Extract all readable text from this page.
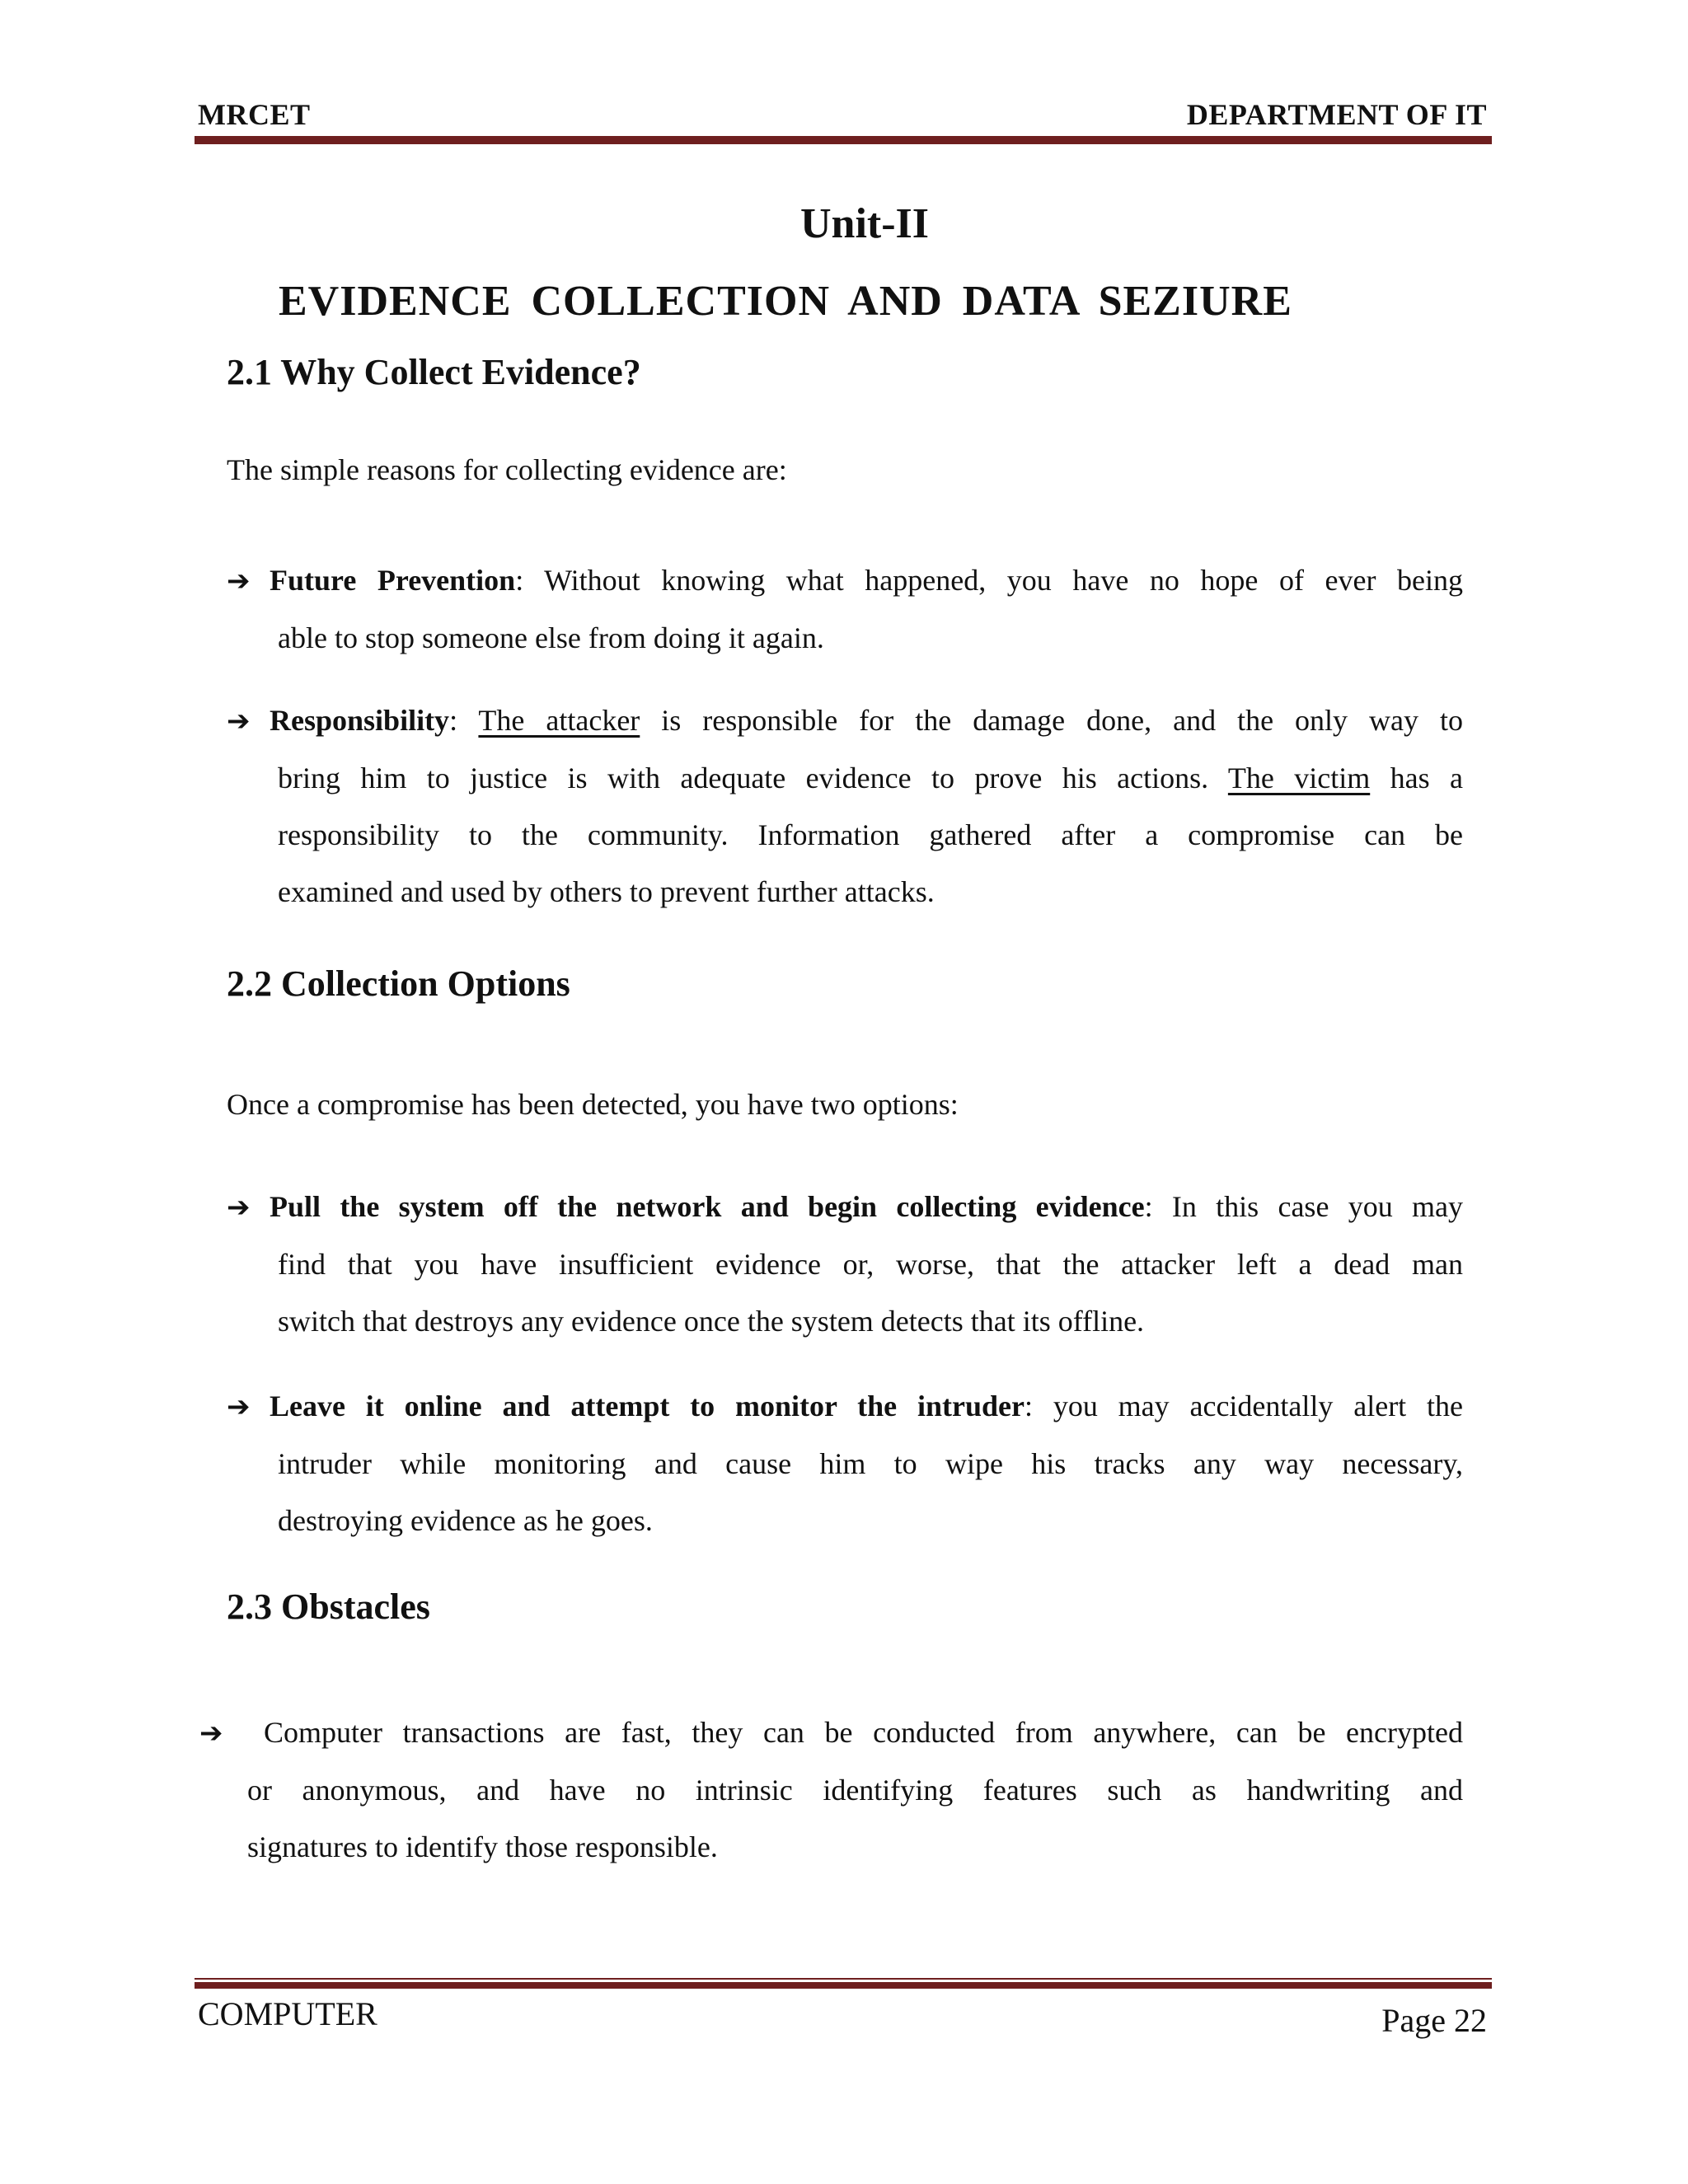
MRCET	DEPARTMENT OF IT
Unit-II
EVIDENCE COLLECTION AND DATA SEZIURE
2.1 Why Collect Evidence?
The simple reasons for collecting evidence are:
➔ Future Prevention: Without knowing what happened, you have no hope of ever being
able to stop someone else from doing it again.
➔ Responsibility: The attacker is responsible for the damage done, and the only way to
bring him to justice is with adequate evidence to prove his actions. The victim has a
responsibility to the community. Information gathered after a compromise can be
examined and used by others to prevent further attacks.
2.2 Collection Options
Once a compromise has been detected, you have two options:
➔ Pull the system off the network and begin collecting evidence: In this case you may
find that you have insufficient evidence or, worse, that the attacker left a dead man
switch that destroys any evidence once the system detects that its offline.
➔ Leave it online and attempt to monitor the intruder: you may accidentally alert the
intruder while monitoring and cause him to wipe his tracks any way necessary,
destroying evidence as he goes.
2.3 Obstacles
➔ Computer transactions are fast, they can be conducted from anywhere, can be encrypted
or anonymous, and have no intrinsic identifying features such as handwriting and
signatures to identify those responsible.
COMPUTER	Page 22
